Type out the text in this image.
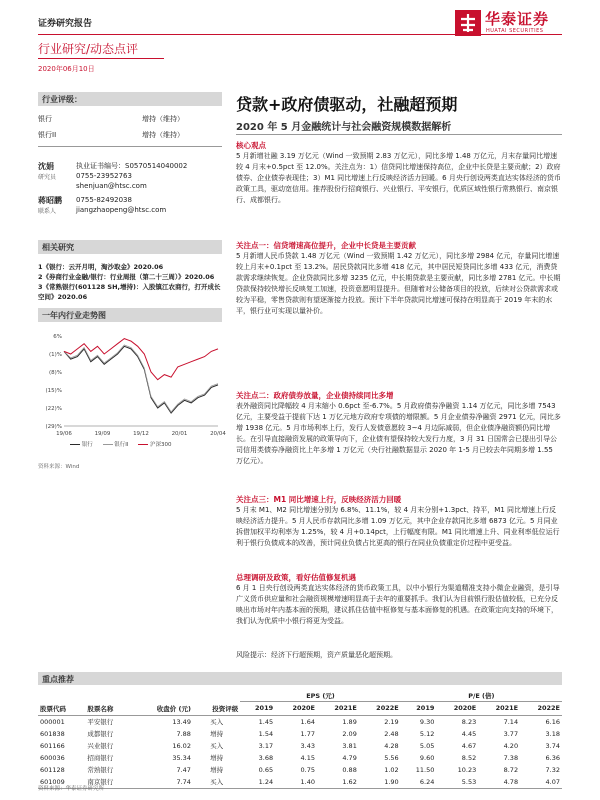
证券研究报告	华泰证券
HUATAI SECURITIES
行业研究/动态点评
2020年06月10日
贷款+政府债驱动，社融超预期
2020 年 5 月金融统计与社会融资规模数据解析
行业评级：
银行	增持（维持）
银行II	增持（维持）
沈娟
研究员
执业证书编号：S0570514040002
0755-23952763
shenjuan@htsc.com
蒋昭鹏
联系人
0755-82492038
jiangzhaopeng@htsc.com
相关研究
1《银行：云开月明，淘沙取金》2020.06
2《券商行业金融/银行：行业周报（第二十三周）》2020.06
3《常熟银行(601128 SH,增持)：入股镇江农商行，打开成长空间》2020.06
一年内行业走势图
6%
(1)%
(8)%
(15)%
(22)%
(29)%
19/06	19/09	19/12	20/01	20/04
银行	银行II	沪深300
资料来源：Wind
核心观点

5 月新增社融 3.19 万亿元（Wind 一致预期 2.83 万亿元），同比多增 1.48 万亿元，月末存量同比增速较 4 月末+0.5pct 至 12.0%。关注点为：1）信贷同比增速保持高位，企业中长贷是主要贡献；2）政府债券、企业债券表现佳；3）M1 同比增速上行反映经济活力回暖。6 月央行创设两类直达实体经济的货币政策工具，驱动宽信用。推荐股份行招商银行、兴业银行、平安银行，优质区域性银行常熟银行、南京银行、成都银行。

关注点一：信贷增速高位提升，企业中长贷是主要贡献

5 月新增人民币贷款 1.48 万亿元（Wind 一致预期 1.42 万亿元），同比多增 2984 亿元，存量同比增速较上月末+0.1pct 至 13.2%。居民贷款同比多增 418 亿元，其中居民短贷同比多增 433 亿元，消费贷款需求继续恢复。企业贷款同比多增 3235 亿元，中长期贷款是主要贡献，同比多增 2781 亿元。中长期贷款保持较快增长反映复工加速，投资意愿明显提升。但随着对公储备项目的投放，后续对公贷款需求或较为平稳，零售贷款则有望逐渐接力投放。预计下半年贷款同比增速可保持在明显高于 2019 年末的水平，银行业可实现以量补价。

关注点二：政府债券放量，企业债持续同比多增

表外融资同比降幅较 4 月末缩小 0.6pct 至-6.7%。5 月政府债券净融资 1.14 万亿元，同比多增 7543 亿元，主要受益于提前下达 1 万亿元地方政府专项债的增限额。5 月企业债券净融资 2971 亿元，同比多增 1938 亿元。5 月市场利率上行，发行人发债意愿较 3~4 月边际减弱，但企业债净融资额仍同比增长。在引导直接融资发展的政策导向下，企业债有望保持较大发行力度，3 月 31 日国常会已提出引导公司信用类债券净融资比上年多增 1 万亿元（央行社融数据显示 2020 年 1-5 月已较去年同期多增 1.55 万亿元）。

关注点三：M1 同比增速上行，反映经济活力回暖

5 月末 M1、M2 同比增速分别为 6.8%、11.1%，较 4 月末分别+1.3pct、持平，M1 同比增速上行反映经济活力提升。5 月人民币存款同比多增 1.09 万亿元，其中企业存款同比多增 6873 亿元。5 月同业拆借加权平均利率为 1.25%，较 4 月+0.14pct，上行幅度有限。M1 同比增速上升、同业利率低位运行利于银行负债成本的改善，预计同业负债占比更高的银行在同业负债重定价过程中更受益。

总理调研及政策，看好估值修复机遇

6 月 1 日央行创设两类直达实体经济的货币政策工具，以中小银行为渠道精准支持小微企业融资，是引导广义货币供应量和社会融资规模增速明显高于去年的重要抓手。我们认为目前银行股估值较低，已充分反映出市场对年内基本面的预期，建议抓住估值中枢修复与基本面修复的机遇。在政策定向支持的环境下，我们认为优质中小银行将更为受益。

风险提示：经济下行超预期，资产质量恶化超预期。
重点推荐
				EPS (元)				P/E (倍)			
股票代码	股票名称	收盘价 (元)	投资评级	2019	2020E	2021E	2022E	2019	2020E	2021E	2022E
000001	平安银行	13.49	买入	1.45	1.64	1.89	2.19	9.30	8.23	7.14	6.16
601838	成都银行	7.88	增持	1.54	1.77	2.09	2.48	5.12	4.45	3.77	3.18
601166	兴业银行	16.02	买入	3.17	3.43	3.81	4.28	5.05	4.67	4.20	3.74
600036	招商银行	35.34	增持	3.68	4.15	4.79	5.56	9.60	8.52	7.38	6.36
601128	常熟银行	7.47	增持	0.65	0.75	0.88	1.02	11.50	10.23	8.72	7.32
601009	南京银行	7.74	买入	1.24	1.40	1.62	1.90	6.24	5.53	4.78	4.07
资料来源：华泰证券研究所
